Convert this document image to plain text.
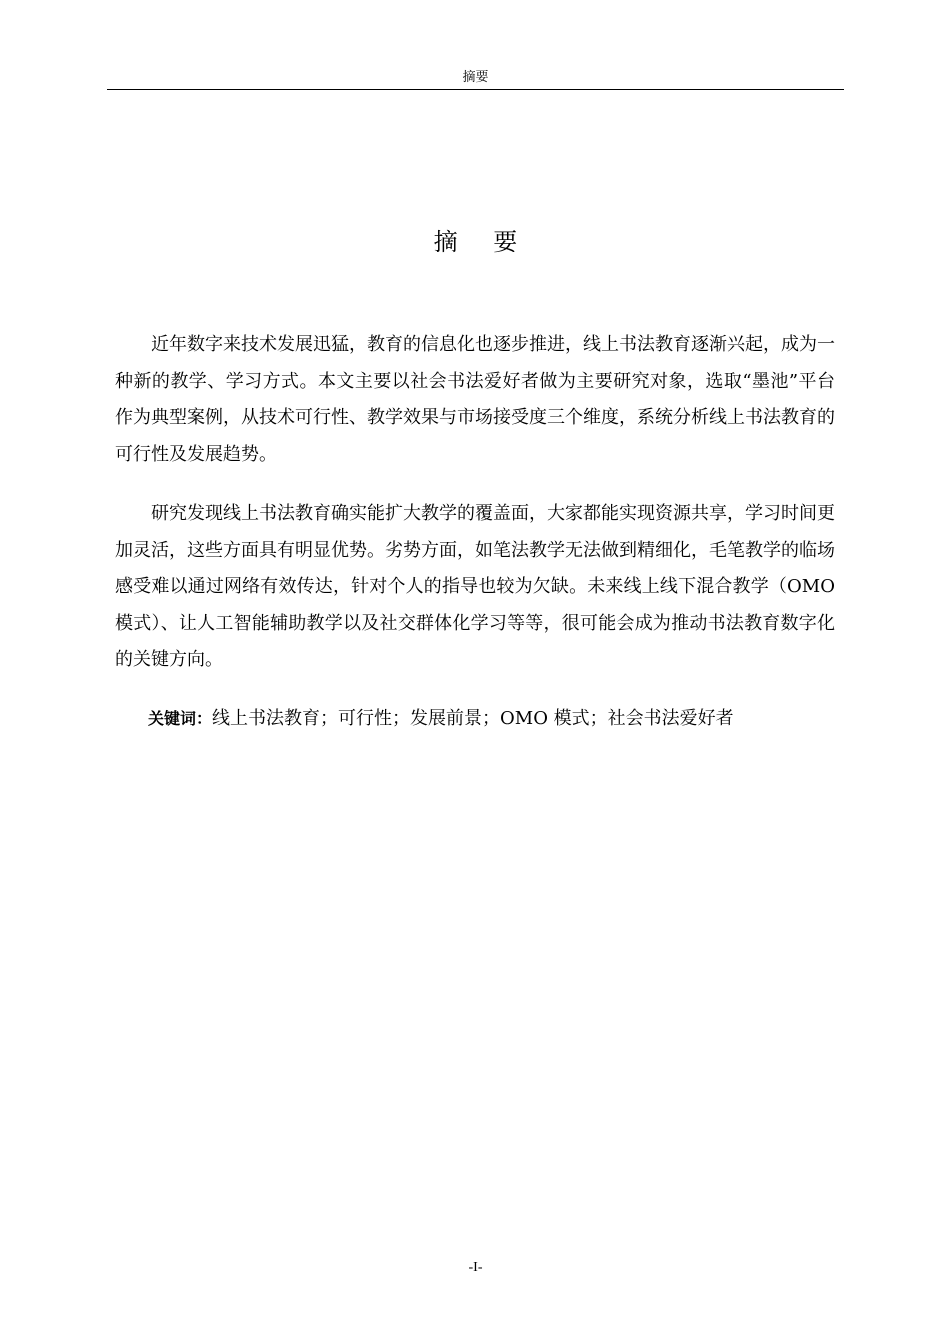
摘要
摘 要

近年数字来技术发展迅猛，教育的信息化也逐步推进，线上书法教育逐渐兴起，成为一种新的教学、学习方式。本文主要以社会书法爱好者做为主要研究对象，选取“墨池”平台作为典型案例，从技术可行性、教学效果与市场接受度三个维度，系统分析线上书法教育的可行性及发展趋势。

研究发现线上书法教育确实能扩大教学的覆盖面，大家都能实现资源共享，学习时间更加灵活，这些方面具有明显优势。劣势方面，如笔法教学无法做到精细化，毛笔教学的临场感受难以通过网络有效传达，针对个人的指导也较为欠缺。未来线上线下混合教学（OMO模式）、让人工智能辅助教学以及社交群体化学习等等，很可能会成为推动书法教育数字化的关键方向。

关键词：线上书法教育；可行性；发展前景；OMO 模式；社会书法爱好者
-I-
